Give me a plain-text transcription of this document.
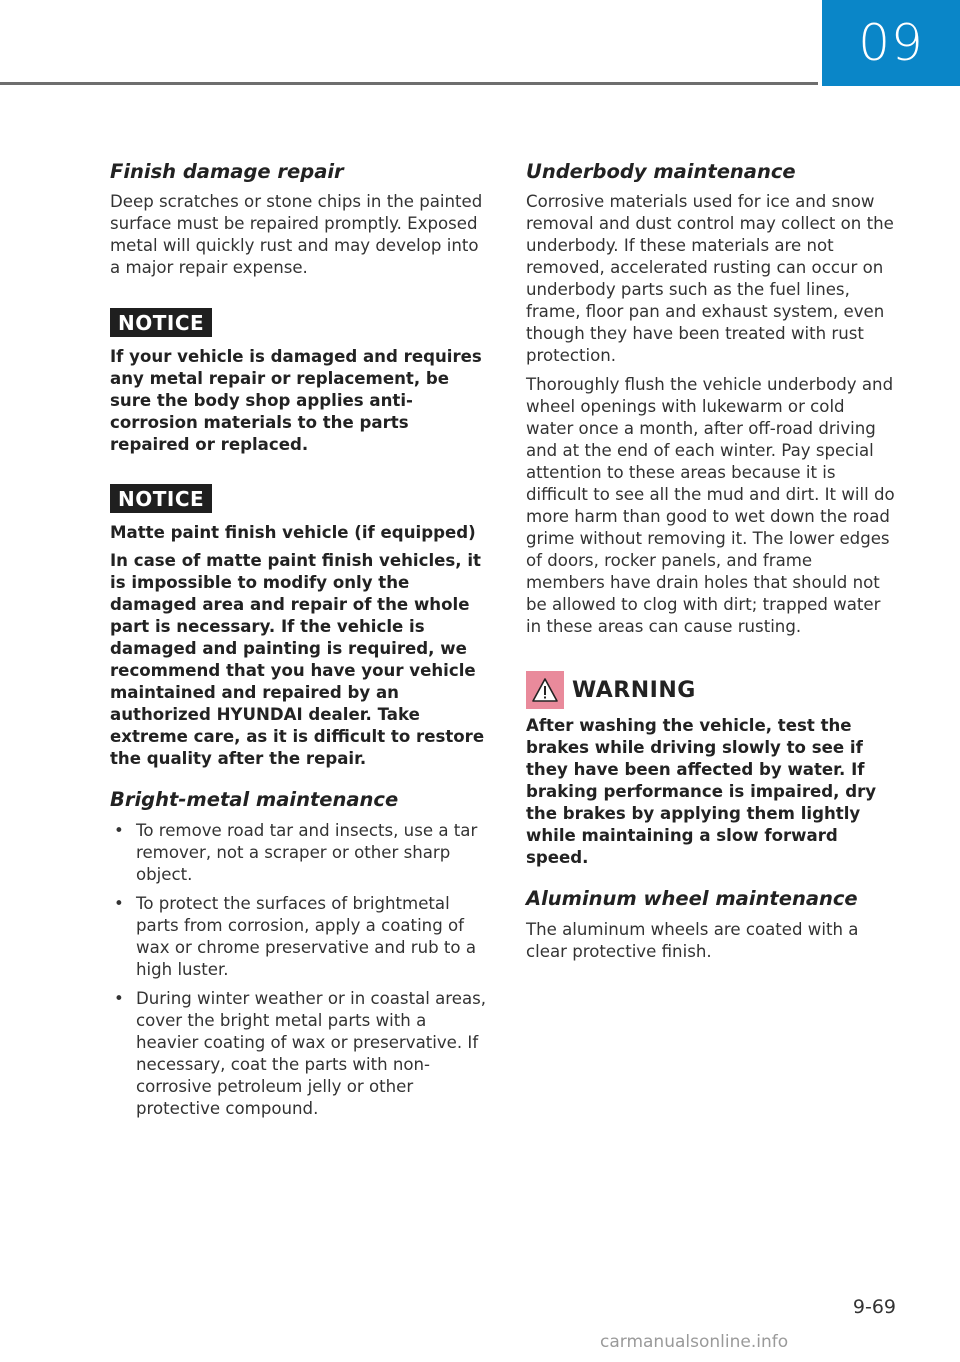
09
Finish damage repair

Deep scratches or stone chips in the painted surface must be repaired promptly. Exposed metal will quickly rust and may develop into a major repair expense.

NOTICE

If your vehicle is damaged and requires any metal repair or replacement, be sure the body shop applies anti-corrosion materials to the parts repaired or replaced.

NOTICE

Matte paint finish vehicle (if equipped)

In case of matte paint finish vehicles, it is impossible to modify only the damaged area and repair of the whole part is necessary. If the vehicle is damaged and painting is required, we recommend that you have your vehicle maintained and repaired by an authorized HYUNDAI dealer. Take extreme care, as it is difficult to restore the quality after the repair.

Bright-metal maintenance
• To remove road tar and insects, use a tar remover, not a scraper or other sharp object.
• To protect the surfaces of brightmetal parts from corrosion, apply a coating of wax or chrome preservative and rub to a high luster.
• During winter weather or in coastal areas, cover the bright metal parts with a heavier coating of wax or preservative. If necessary, coat the parts with non-corrosive petroleum jelly or other protective compound.
Underbody maintenance

Corrosive materials used for ice and snow removal and dust control may collect on the underbody. If these materials are not removed, accelerated rusting can occur on underbody parts such as the fuel lines, frame, floor pan and exhaust system, even though they have been treated with rust protection.

Thoroughly flush the vehicle underbody and wheel openings with lukewarm or cold water once a month, after off-road driving and at the end of each winter. Pay special attention to these areas because it is difficult to see all the mud and dirt. It will do more harm than good to wet down the road grime without removing it. The lower edges of doors, rocker panels, and frame members have drain holes that should not be allowed to clog with dirt; trapped water in these areas can cause rusting.

WARNING

After washing the vehicle, test the brakes while driving slowly to see if they have been affected by water. If braking performance is impaired, dry the brakes by applying them lightly while maintaining a slow forward speed.

Aluminum wheel maintenance

The aluminum wheels are coated with a clear protective finish.

9-69
carmanualsonline.info
